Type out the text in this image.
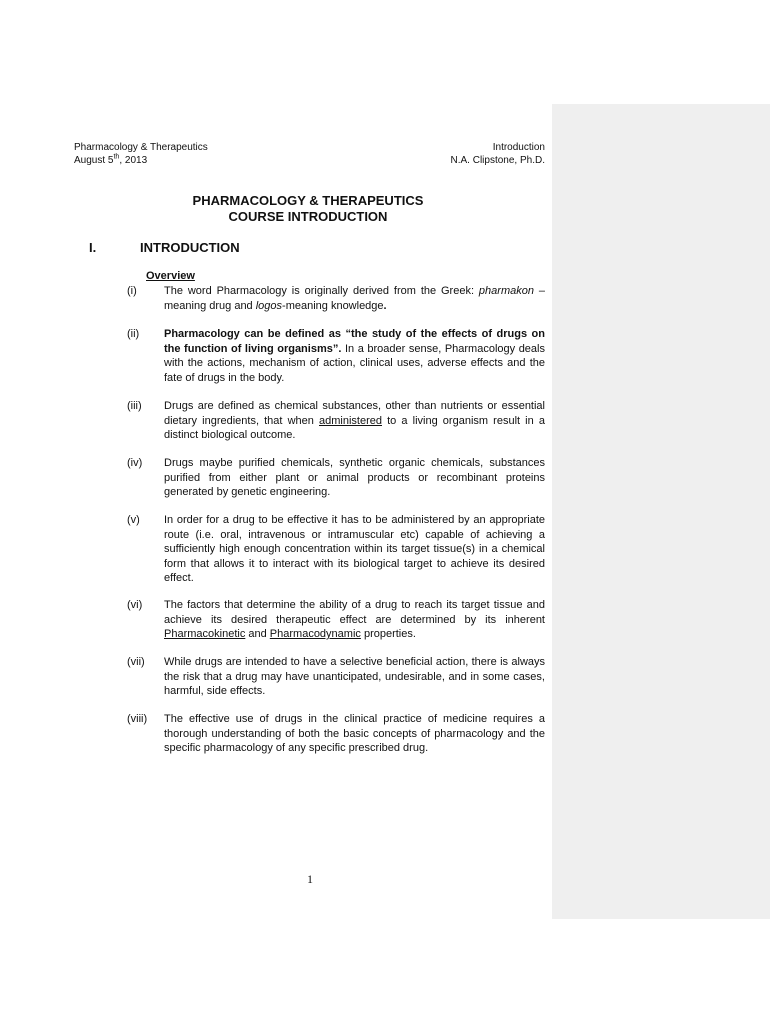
Pharmacology & Therapeutics
August 5th, 2013
Introduction
N.A. Clipstone, Ph.D.
PHARMACOLOGY & THERAPEUTICS
COURSE INTRODUCTION
I.	INTRODUCTION
Overview
(i) The word Pharmacology is originally derived from the Greek: pharmakon –meaning drug and logos-meaning knowledge.
(ii) Pharmacology can be defined as “the study of the effects of drugs on the function of living organisms”. In a broader sense, Pharmacology deals with the actions, mechanism of action, clinical uses, adverse effects and the fate of drugs in the body.
(iii) Drugs are defined as chemical substances, other than nutrients or essential dietary ingredients, that when administered to a living organism result in a distinct biological outcome.
(iv) Drugs maybe purified chemicals, synthetic organic chemicals, substances purified from either plant or animal products or recombinant proteins generated by genetic engineering.
(v) In order for a drug to be effective it has to be administered by an appropriate route (i.e. oral, intravenous or intramuscular etc) capable of achieving a sufficiently high enough concentration within its target tissue(s) in a chemical form that allows it to interact with its biological target to achieve its desired effect.
(vi) The factors that determine the ability of a drug to reach its target tissue and achieve its desired therapeutic effect are determined by its inherent Pharmacokinetic and Pharmacodynamic properties.
(vii) While drugs are intended to have a selective beneficial action, there is always the risk that a drug may have unanticipated, undesirable, and in some cases, harmful, side effects.
(viii) The effective use of drugs in the clinical practice of medicine requires a thorough understanding of both the basic concepts of pharmacology and the specific pharmacology of any specific prescribed drug.
1
